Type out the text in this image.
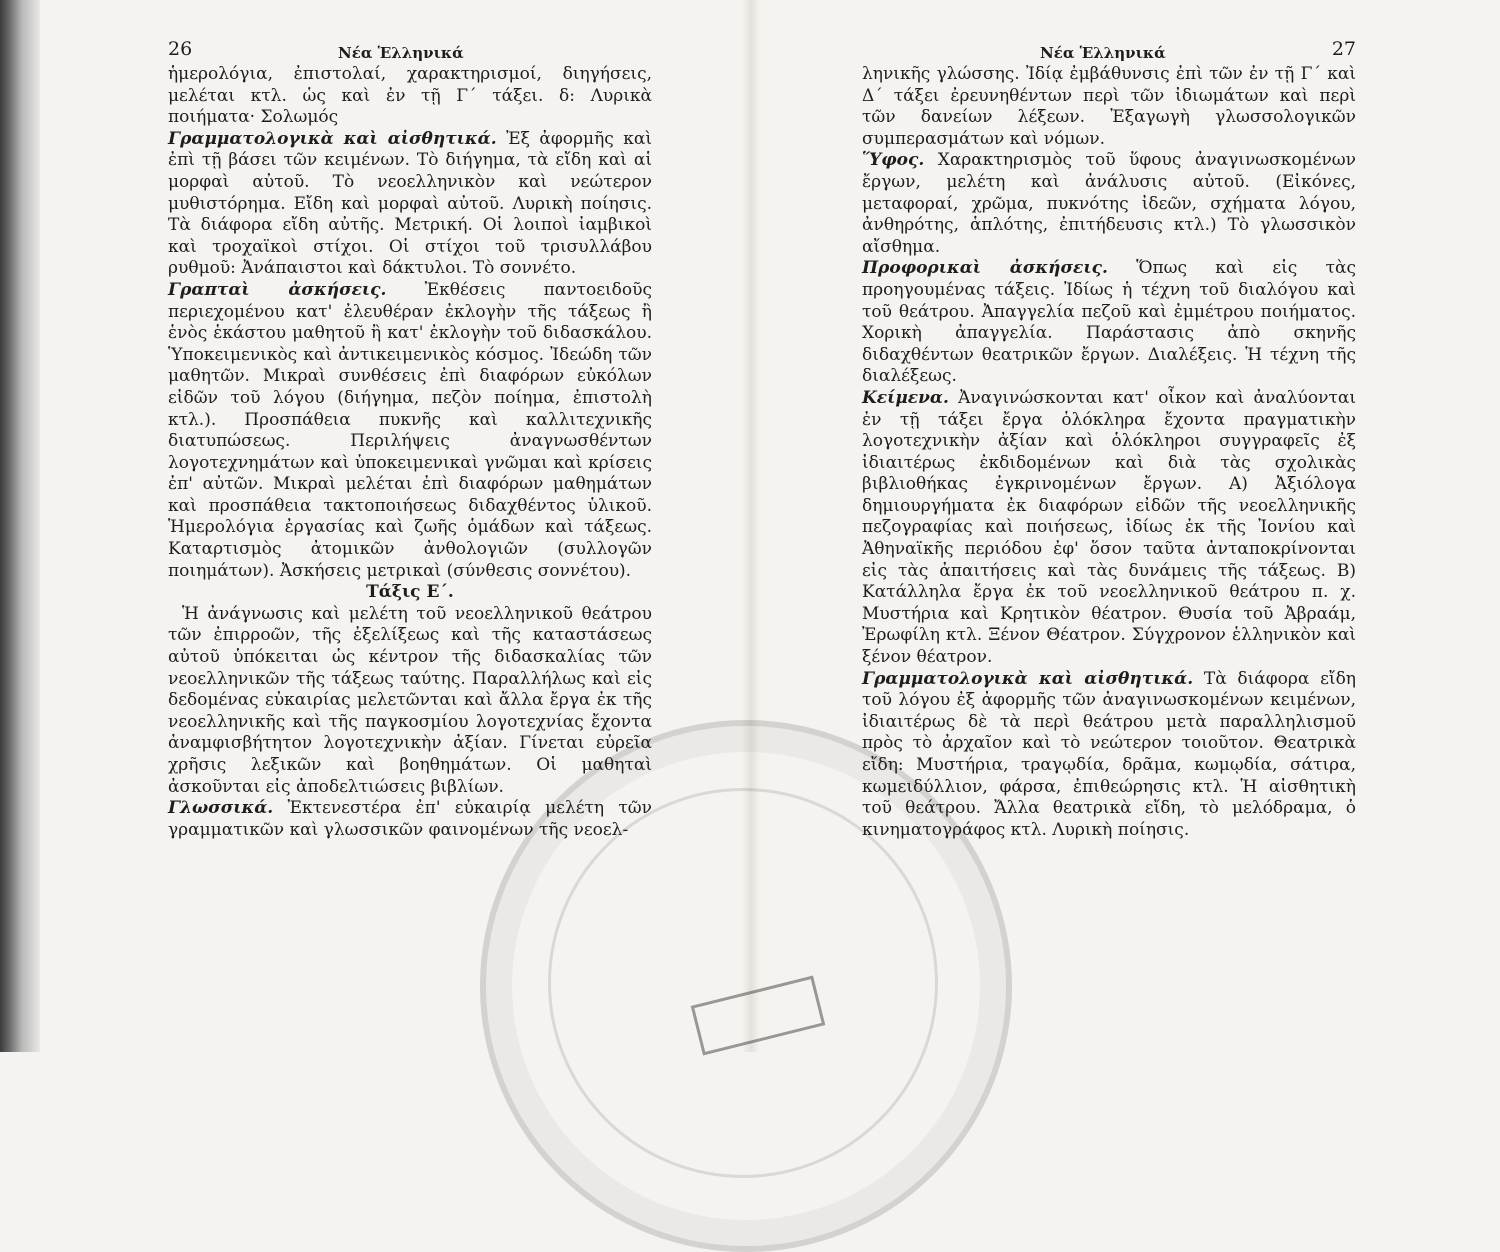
26	Νέα Ἑλληνικά

ἡμερολόγια, ἐπιστολαί, χαρακτηρισμοί, διηγήσεις, μελέται κτλ. ὡς καὶ ἐν τῇ Γ΄ τάξει. δ: Λυρικὰ ποιήματα· Σολωμός

Γραμματολογικὰ καὶ αἰσθητικά. Ἐξ ἀφορμῆς καὶ ἐπὶ τῇ βάσει τῶν κειμένων. Τὸ διήγημα, τὰ εἴδη καὶ αἱ μορφαὶ αὐτοῦ. Τὸ νεοελληνικὸν καὶ νεώτερον μυθιστόρημα. Εἴδη καὶ μορφαὶ αὐτοῦ. Λυρικὴ ποίησις. Τὰ διάφορα εἴδη αὐτῆς. Μετρική. Οἱ λοιποὶ ἰαμβικοὶ καὶ τροχαϊκοὶ στίχοι. Οἱ στίχοι τοῦ τρισυλλάβου ρυθμοῦ: Ἀνάπαιστοι καὶ δάκτυλοι. Τὸ σοννέτο.

Γραπταὶ ἀσκήσεις. Ἐκθέσεις παντοειδοῦς περιεχομένου κατ' ἐλευθέραν ἐκλογὴν τῆς τάξεως ἢ ἑνὸς ἑκάστου μαθητοῦ ἢ κατ' ἐκλογὴν τοῦ διδασκάλου. Ὑποκειμενικὸς καὶ ἀντικειμενικὸς κόσμος. Ἰδεώδη τῶν μαθητῶν. Μικραὶ συνθέσεις ἐπὶ διαφόρων εὐκόλων εἰδῶν τοῦ λόγου (διήγημα, πεζὸν ποίημα, ἐπιστολὴ κτλ.). Προσπάθεια πυκνῆς καὶ καλλιτεχνικῆς διατυπώσεως. Περιλήψεις ἀναγνωσθέντων λογοτεχνημάτων καὶ ὑποκειμενικαὶ γνῶμαι καὶ κρίσεις ἐπ' αὐτῶν. Μικραὶ μελέται ἐπὶ διαφόρων μαθημάτων καὶ προσπάθεια τακτοποιήσεως διδαχθέντος ὑλικοῦ. Ἡμερολόγια ἐργασίας καὶ ζωῆς ὁμάδων καὶ τάξεως. Καταρτισμὸς ἀτομικῶν ἀνθολογιῶν (συλλογῶν ποιημάτων). Ἀσκήσεις μετρικαὶ (σύνθεσις σοννέτου).

Τάξις Ε΄.

Ἡ ἀνάγνωσις καὶ μελέτη τοῦ νεοελληνικοῦ θεάτρου τῶν ἐπιρροῶν, τῆς ἐξελίξεως καὶ τῆς καταστάσεως αὐτοῦ ὑπόκειται ὡς κέντρον τῆς διδασκαλίας τῶν νεοελληνικῶν τῆς τάξεως ταύτης. Παραλλήλως καὶ εἰς δεδομένας εὐκαιρίας μελετῶνται καὶ ἄλλα ἔργα ἐκ τῆς νεοελληνικῆς καὶ τῆς παγκοσμίου λογοτεχνίας ἔχοντα ἀναμφισβήτητον λογοτεχνικὴν ἀξίαν. Γίνεται εὐρεῖα χρῆσις λεξικῶν καὶ βοηθημάτων. Οἱ μαθηταὶ ἀσκοῦνται εἰς ἀποδελτιώσεις βιβλίων.

Γλωσσικά. Ἐκτενεστέρα ἐπ' εὐκαιρίᾳ μελέτη τῶν γραμματικῶν καὶ γλωσσικῶν φαινομένων τῆς νεοελ-

Νέα Ἑλληνικά	27

ληνικῆς γλώσσης. Ἰδίᾳ ἐμβάθυνσις ἐπὶ τῶν ἐν τῇ Γ΄ καὶ Δ΄ τάξει ἐρευνηθέντων περὶ τῶν ἰδιωμάτων καὶ περὶ τῶν δανείων λέξεων. Ἐξαγωγὴ γλωσσολογικῶν συμπερασμάτων καὶ νόμων.

Ὕφος. Χαρακτηρισμὸς τοῦ ὕφους ἀναγινωσκομένων ἔργων, μελέτη καὶ ἀνάλυσις αὐτοῦ. (Εἰκόνες, μεταφοραί, χρῶμα, πυκνότης ἰδεῶν, σχήματα λόγου, ἀνθηρότης, ἁπλότης, ἐπιτήδευσις κτλ.) Τὸ γλωσσικὸν αἴσθημα.

Προφορικαὶ ἀσκήσεις. Ὅπως καὶ εἰς τὰς προηγουμένας τάξεις. Ἰδίως ἡ τέχνη τοῦ διαλόγου καὶ τοῦ θεάτρου. Ἀπαγγελία πεζοῦ καὶ ἐμμέτρου ποιήματος. Χορικὴ ἀπαγγελία. Παράστασις ἀπὸ σκηνῆς διδαχθέντων θεατρικῶν ἔργων. Διαλέξεις. Ἡ τέχνη τῆς διαλέξεως.

Κείμενα. Ἀναγινώσκονται κατ' οἶκον καὶ ἀναλύονται ἐν τῇ τάξει ἔργα ὁλόκληρα ἔχοντα πραγματικὴν λογοτεχνικὴν ἀξίαν καὶ ὁλόκληροι συγγραφεῖς ἐξ ἰδιαιτέρως ἐκδιδομένων καὶ διὰ τὰς σχολικὰς βιβλιοθήκας ἐγκρινομένων ἔργων. Α) Ἀξιόλογα δημιουργήματα ἐκ διαφόρων εἰδῶν τῆς νεοελληνικῆς πεζογραφίας καὶ ποιήσεως, ἰδίως ἐκ τῆς Ἰονίου καὶ Ἀθηναϊκῆς περιόδου ἐφ' ὅσον ταῦτα ἀνταποκρίνονται εἰς τὰς ἀπαιτήσεις καὶ τὰς δυνάμεις τῆς τάξεως. Β) Κατάλληλα ἔργα ἐκ τοῦ νεοελληνικοῦ θεάτρου π. χ. Μυστήρια καὶ Κρητικὸν θέατρον. Θυσία τοῦ Ἀβραάμ, Ἐρωφίλη κτλ. Ξένον Θέατρον. Σύγχρονον ἑλληνικὸν καὶ ξένον θέατρον.

Γραμματολογικὰ καὶ αἰσθητικά. Τὰ διάφορα εἴδη τοῦ λόγου ἐξ ἀφορμῆς τῶν ἀναγινωσκομένων κειμένων, ἰδιαιτέρως δὲ τὰ περὶ θεάτρου μετὰ παραλληλισμοῦ πρὸς τὸ ἀρχαῖον καὶ τὸ νεώτερον τοιοῦτον. Θεατρικὰ εἴδη: Μυστήρια, τραγῳδία, δρᾶμα, κωμῳδία, σάτιρα, κωμειδύλλιον, φάρσα, ἐπιθεώρησις κτλ. Ἡ αἰσθητικὴ τοῦ θεάτρου. Ἄλλα θεατρικὰ εἴδη, τὸ μελόδραμα, ὁ κινηματογράφος κτλ. Λυρικὴ ποίησις.
